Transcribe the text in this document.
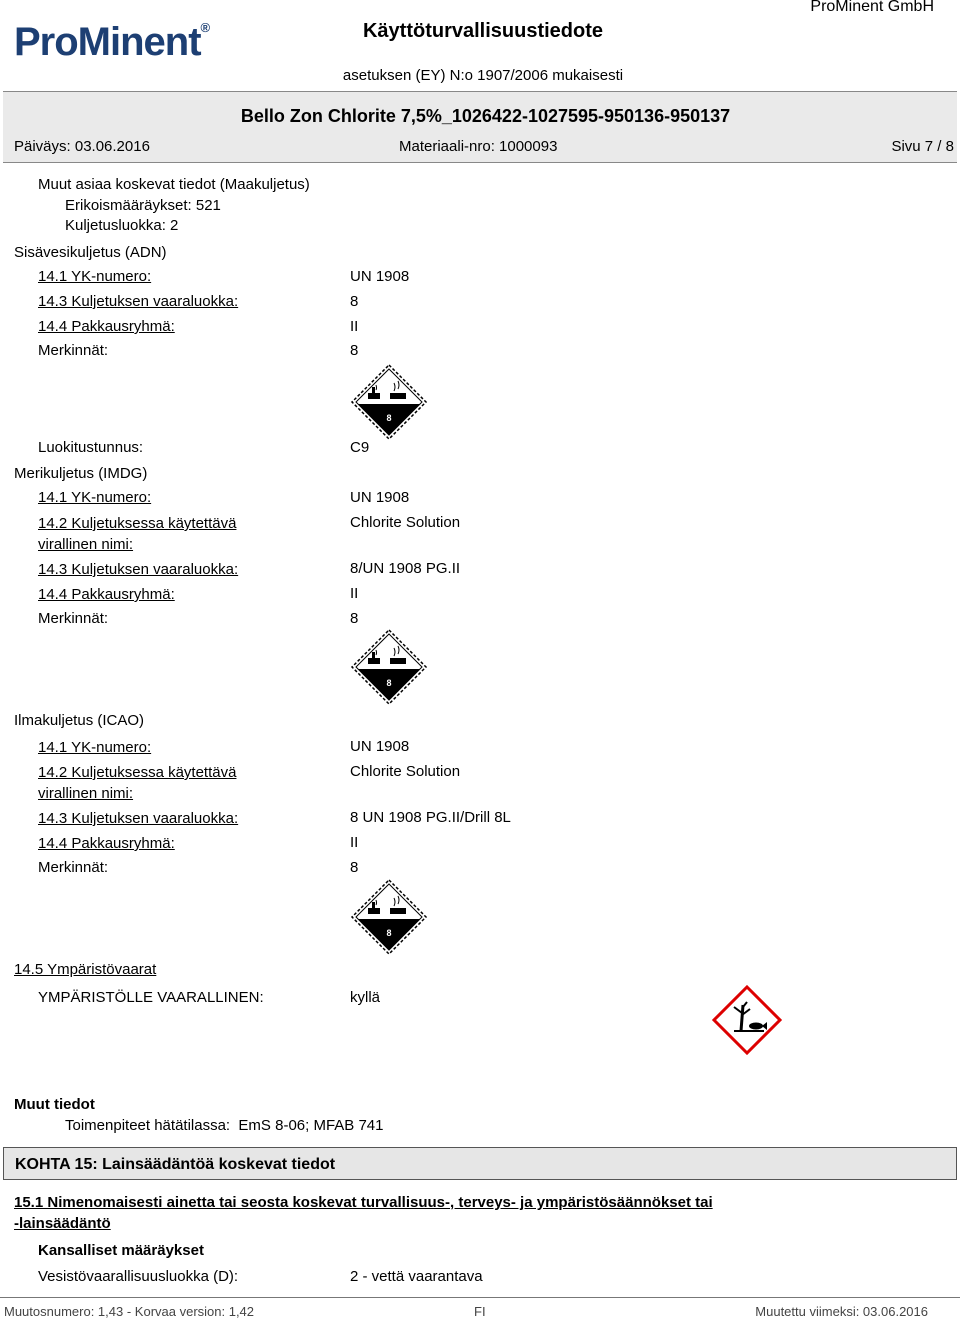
ProMinent®
ProMinent GmbH
Käyttöturvallisuustiedote
asetuksen (EY) N:o 1907/2006 mukaisesti
Bello Zon Chlorite 7,5%_1026422-1027595-950136-950137
Päiväys: 03.06.2016	Materiaali-nro: 1000093	Sivu 7 / 8
Muut asiaa koskevat tiedot (Maakuljetus)
Erikoismääräykset: 521
Kuljetusluokka: 2
Sisävesikuljetus (ADN)
14.1 YK-numero:	UN 1908
14.3 Kuljetuksen vaaraluokka:	8
14.4 Pakkausryhmä:	II
Merkinnät:	8
8
Luokitustunnus:	C9
Merikuljetus (IMDG)
14.1 YK-numero:	UN 1908
14.2 Kuljetuksessa käytettävä
virallinen nimi:
Chlorite Solution
14.3 Kuljetuksen vaaraluokka:	8/UN 1908 PG.II
14.4 Pakkausryhmä:	II
Merkinnät:	8
8
Ilmakuljetus (ICAO)
14.1 YK-numero:	UN 1908
14.2 Kuljetuksessa käytettävä
virallinen nimi:
Chlorite Solution
14.3 Kuljetuksen vaaraluokka:	8 UN 1908 PG.II/Drill 8L
14.4 Pakkausryhmä:	II
Merkinnät:	8
8
14.5 Ympäristövaarat
YMPÄRISTÖLLE VAARALLINEN:	kyllä
Muut tiedot
Toimenpiteet hätätilassa:  EmS 8-06; MFAB 741
KOHTA 15: Lainsäädäntöä koskevat tiedot
15.1 Nimenomaisesti ainetta tai seosta koskevat turvallisuus-, terveys- ja ympäristösäännökset tai
-lainsäädäntö
Kansalliset määräykset
Vesistövaarallisuusluokka (D):	2 - vettä vaarantava
Muutosnumero: 1,43 - Korvaa version: 1,42	FI	Muutettu viimeksi: 03.06.2016
